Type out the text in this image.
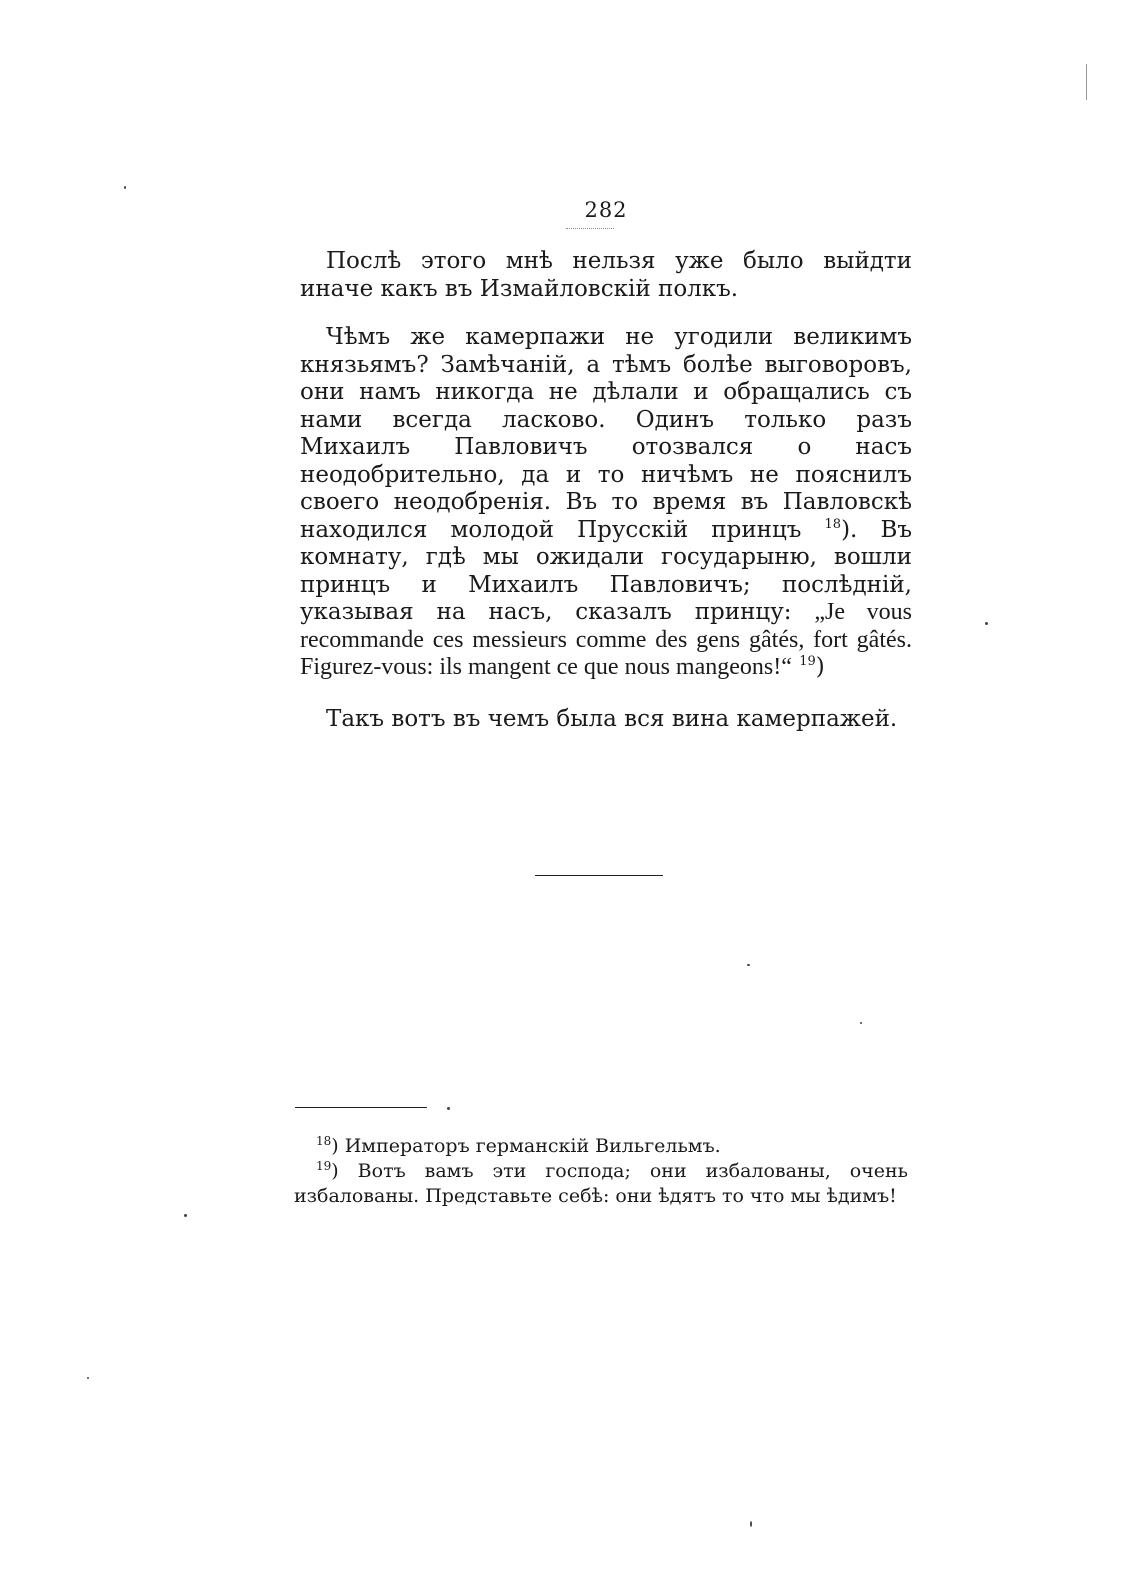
282

Послѣ этого мнѣ нельзя уже было выйдти иначе какъ въ Измайловскій полкъ.

Чѣмъ же камерпажи не угодили великимъ князьямъ? Замѣчаній, а тѣмъ болѣе выговоровъ, они намъ никогда не дѣлали и обращались съ нами всегда ласково. Одинъ только разъ Михаилъ Павловичъ отозвался о насъ неодобрительно, да и то ничѣмъ не пояснилъ своего неодобренія. Въ то время въ Павловскѣ находился молодой Прусскій принцъ $^{18}$). Въ комнату, гдѣ мы ожидали государыню, вошли принцъ и Михаилъ Павловичъ; послѣдній, указывая на насъ, сказалъ принцу: „Je vous recommande ces messieurs comme des gens gâtés, fort gâtés. Figurez-vous: ils mangent ce que nous mangeons!“ $^{19}$)

Такъ вотъ въ чемъ была вся вина камерпажей.

$^{18}$) Императоръ германскій Вильгельмъ.

$^{19}$) Вотъ вамъ эти господа; они избалованы, очень избалованы. Представьте себѣ: они ѣдятъ то что мы ѣдимъ!
